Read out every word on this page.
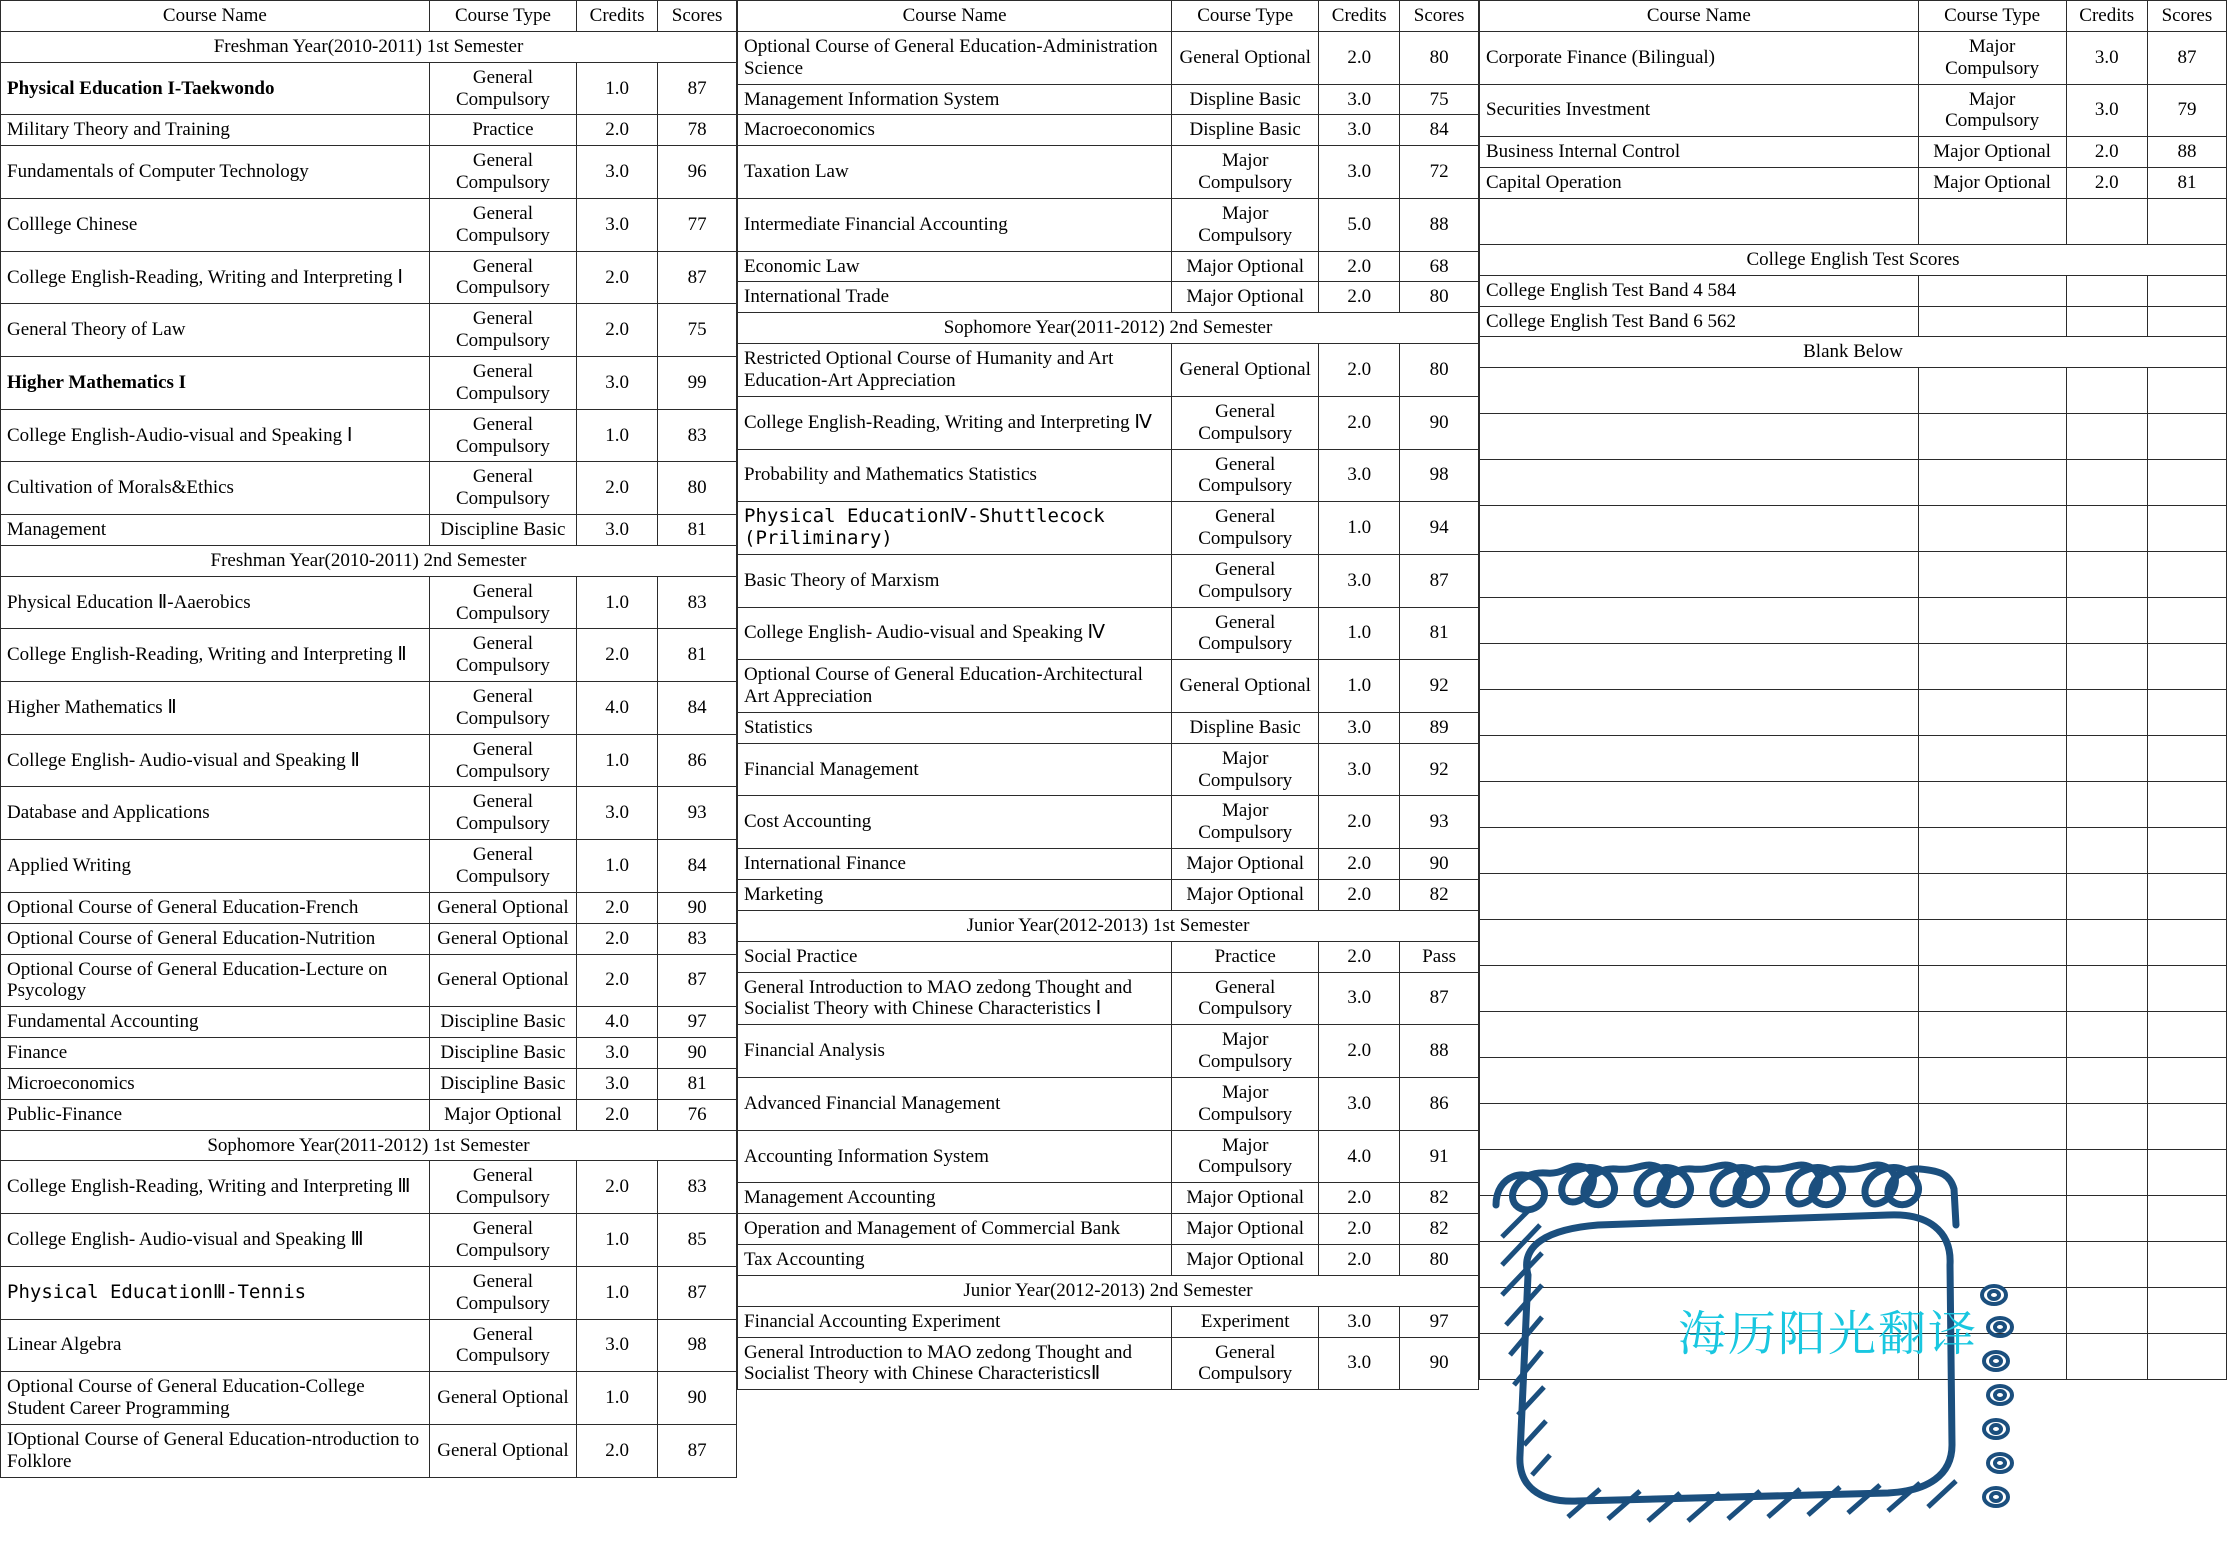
Course Name	Course Type	Credits	Scores
Freshman Year(2010-2011) 1st Semester			
Physical Education I-Taekwondo	General Compulsory	1.0	87
Military Theory and Training	Practice	2.0	78
Fundamentals of Computer Technology	General Compulsory	3.0	96
Colllege Chinese	General Compulsory	3.0	77
College English-Reading, Writing and Interpreting Ⅰ	General Compulsory	2.0	87
General Theory of Law	General Compulsory	2.0	75
Higher Mathematics I	General Compulsory	3.0	99
College English-Audio-visual and Speaking Ⅰ	General Compulsory	1.0	83
Cultivation of Morals&Ethics	General Compulsory	2.0	80
Management	Discipline Basic	3.0	81
Freshman Year(2010-2011) 2nd Semester			
Physical Education Ⅱ-Aaerobics	General Compulsory	1.0	83
College English-Reading, Writing and Interpreting Ⅱ	General Compulsory	2.0	81
Higher Mathematics Ⅱ	General Compulsory	4.0	84
College English- Audio-visual and Speaking Ⅱ	General Compulsory	1.0	86
Database and Applications	General Compulsory	3.0	93
Applied Writing	General Compulsory	1.0	84
Optional Course of General Education-French	General Optional	2.0	90
Optional Course of General Education-Nutrition	General Optional	2.0	83
Optional Course of General Education-Lecture on Psycology	General Optional	2.0	87
Fundamental Accounting	Discipline Basic	4.0	97
Finance	Discipline Basic	3.0	90
Microeconomics	Discipline Basic	3.0	81
Public-Finance	Major Optional	2.0	76
Sophomore Year(2011-2012) 1st Semester			
College English-Reading, Writing and Interpreting Ⅲ	General Compulsory	2.0	83
College English- Audio-visual and Speaking Ⅲ	General Compulsory	1.0	85
Physical EducationⅢ-Tennis	General Compulsory	1.0	87
Linear Algebra	General Compulsory	3.0	98
Optional Course of General Education-College Student Career Programming	General Optional	1.0	90
IOptional Course of General Education-ntroduction to Folklore	General Optional	2.0	87
Course Name	Course Type	Credits	Scores
Optional Course of General Education-Administration Science	General Optional	2.0	80
Management Information System	Displine Basic	3.0	75
Macroeconomics	Displine Basic	3.0	84
Taxation Law	Major Compulsory	3.0	72
Intermediate Financial Accounting	Major Compulsory	5.0	88
Economic Law	Major Optional	2.0	68
International Trade	Major Optional	2.0	80
Sophomore Year(2011-2012) 2nd Semester			
Restricted Optional Course of Humanity and Art Education-Art Appreciation	General Optional	2.0	80
College English-Reading, Writing and Interpreting Ⅳ	General Compulsory	2.0	90
Probability and Mathematics Statistics	General Compulsory	3.0	98
Physical EducationⅣ-Shuttlecock (Priliminary)	General Compulsory	1.0	94
Basic Theory of Marxism	General Compulsory	3.0	87
College English- Audio-visual and Speaking Ⅳ	General Compulsory	1.0	81
Optional Course of General Education-Architectural Art Appreciation	General Optional	1.0	92
Statistics	Displine Basic	3.0	89
Financial Management	Major Compulsory	3.0	92
Cost Accounting	Major Compulsory	2.0	93
International Finance	Major Optional	2.0	90
Marketing	Major Optional	2.0	82
Junior Year(2012-2013) 1st Semester			
Social Practice	Practice	2.0	Pass
General Introduction to MAO zedong Thought and Socialist Theory with Chinese Characteristics Ⅰ	General Compulsory	3.0	87
Financial Analysis	Major Compulsory	2.0	88
Advanced Financial Management	Major Compulsory	3.0	86
Accounting Information System	Major Compulsory	4.0	91
Management Accounting	Major Optional	2.0	82
Operation and Management of Commercial Bank	Major Optional	2.0	82
Tax Accounting	Major Optional	2.0	80
Junior Year(2012-2013) 2nd Semester			
Financial Accounting Experiment	Experiment	3.0	97
General Introduction to MAO zedong Thought and Socialist Theory with Chinese CharacteristicsⅡ	General Compulsory	3.0	90
Course Name	Course Type	Credits	Scores
Corporate Finance (Bilingual)	Major Compulsory	3.0	87
Securities Investment	Major Compulsory	3.0	79
Business Internal Control	Major Optional	2.0	88
Capital Operation	Major Optional	2.0	81

College English Test Scores			
College English Test Band 4 584			
College English Test Band 6 562			
Blank Below			

海历阳光翻译
